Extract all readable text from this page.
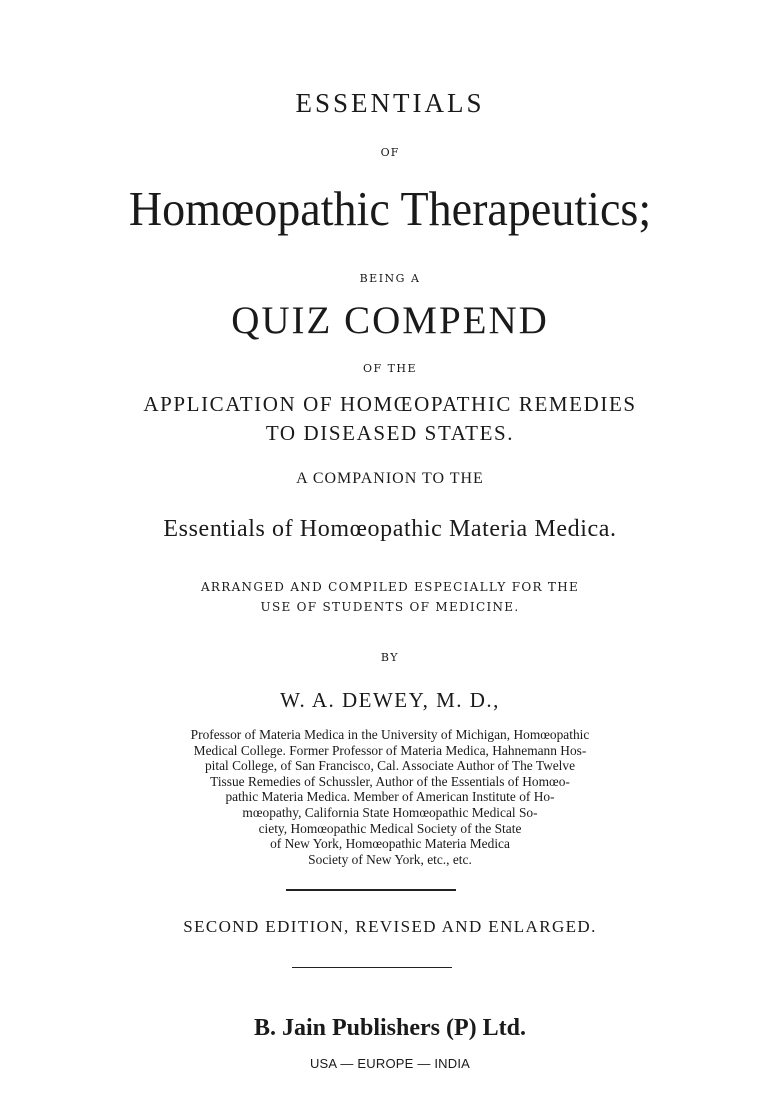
ESSENTIALS

OF

Homœopathic Therapeutics;

BEING A

QUIZ COMPEND

OF THE

APPLICATION OF HOMŒOPATHIC REMEDIES

TO DISEASED STATES.

A COMPANION TO THE

Essentials of Homœopathic Materia Medica.

ARRANGED AND COMPILED ESPECIALLY FOR THE

USE OF STUDENTS OF MEDICINE.

BY

W. A. DEWEY, M. D.,

Professor of Materia Medica in the University of Michigan, Homœopathic
Medical College. Former Professor of Materia Medica, Hahnemann Hos-
pital College, of San Francisco, Cal. Associate Author of The Twelve
Tissue Remedies of Schussler, Author of the Essentials of Homœo-
pathic Materia Medica. Member of American Institute of Ho-
mœopathy, California State Homœopathic Medical So-
ciety, Homœopathic Medical Society of the State
of New York, Homœopathic Materia Medica
Society of New York, etc., etc.

SECOND EDITION, REVISED AND ENLARGED.

B. Jain Publishers (P) Ltd.

USA — EUROPE — INDIA
